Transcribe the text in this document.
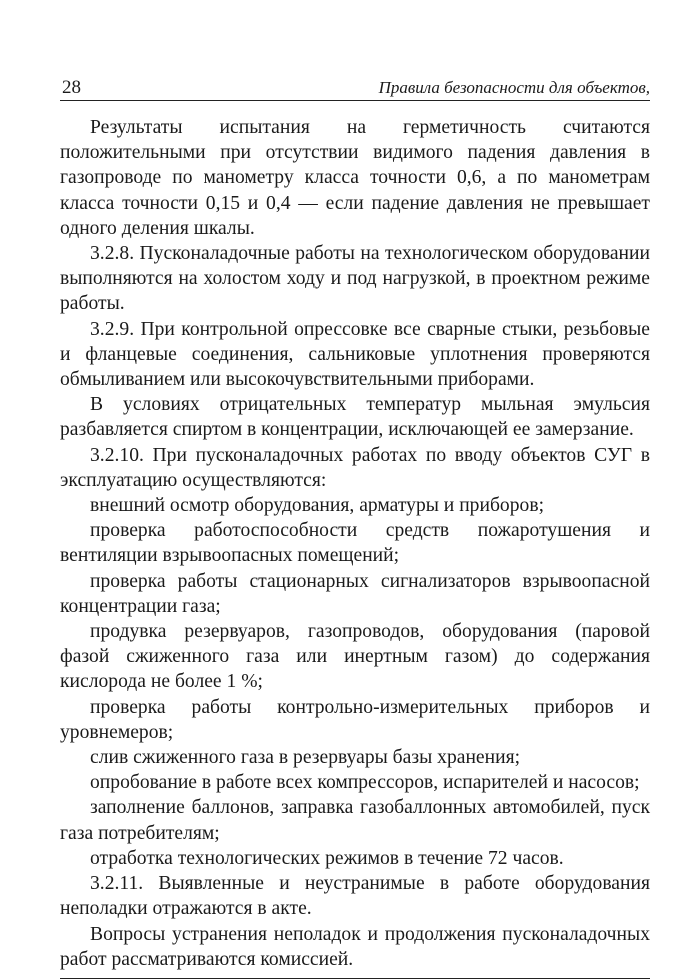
28	Правила безопасности для объектов,

Результаты испытания на герметичность считаются положительными при отсутствии видимого падения давления в газопроводе по манометру класса точности 0,6, а по манометрам класса точности 0,15 и 0,4 — если падение давления не превышает одного деления шкалы.

3.2.8. Пусконаладочные работы на технологическом оборудовании выполняются на холостом ходу и под нагрузкой, в проектном режиме работы.

3.2.9. При контрольной опрессовке все сварные стыки, резьбовые и фланцевые соединения, сальниковые уплотнения проверяются обмыливанием или высокочувствительными приборами.

В условиях отрицательных температур мыльная эмульсия разбавляется спиртом в концентрации, исключающей ее замерзание.

3.2.10. При пусконаладочных работах по вводу объектов СУГ в эксплуатацию осуществляются:

внешний осмотр оборудования, арматуры и приборов;

проверка работоспособности средств пожаротушения и вентиляции взрывоопасных помещений;

проверка работы стационарных сигнализаторов взрывоопасной концентрации газа;

продувка резервуаров, газопроводов, оборудования (паровой фазой сжиженного газа или инертным газом) до содержания кислорода не более 1 %;

проверка работы контрольно-измерительных приборов и уровнемеров;

слив сжиженного газа в резервуары базы хранения;

опробование в работе всех компрессоров, испарителей и насосов;

заполнение баллонов, заправка газобаллонных автомобилей, пуск газа потребителям;

отработка технологических режимов в течение 72 часов.

3.2.11. Выявленные и неустранимые в работе оборудования неполадки отражаются в акте.

Вопросы устранения неполадок и продолжения пусконаладочных работ рассматриваются комиссией.
